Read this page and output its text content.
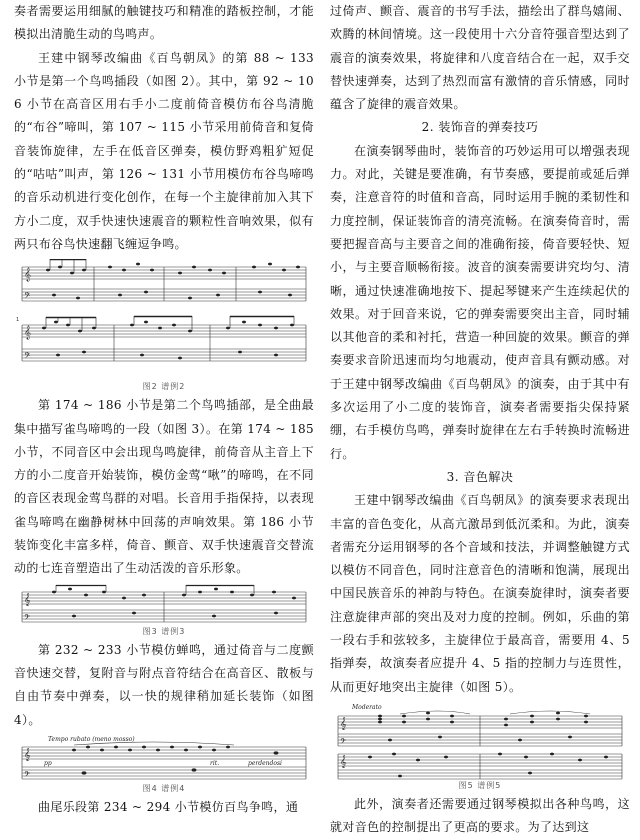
奏者需要运用细腻的触键技巧和精准的踏板控制，才能模拟出清脆生动的鸟鸣声。

王建中钢琴改编曲《百鸟朝凤》的第 88 ~ 133 小节是第一个鸟鸣插段（如图 2）。其中，第 92 ~ 106 小节在高音区用右手小二度前倚音模仿布谷鸟清脆的“布谷”啼叫，第 107 ~ 115 小节采用前倚音和复倚音装饰旋律，左手在低音区弹奏，模仿野鸡粗犷短促的“咕咕”叫声，第 126 ~ 131 小节用模仿布谷鸟啼鸣的音乐动机进行变化创作，在每一个主旋律前加入其下方小二度，双手快速快速震音的颗粒性音响效果，似有两只布谷鸟快速翻飞缠逗争鸣。

𝄞
𝄢
𝄞
𝄢
1
图2 谱例2

第 174 ~ 186 小节是第二个鸟鸣插部，是全曲最集中描写雀鸟啼鸣的一段（如图 3）。在第 174 ~ 185 小节，不同音区中会出现鸟鸣旋律，前倚音从主音上下方的小二度音开始装饰，模仿金莺“啾”的啼鸣，在不同的音区表现金莺鸟群的对唱。长音用手指保持，以表现雀鸟啼鸣在幽静树林中回荡的声响效果。第 186 小节装饰变化丰富多样，倚音、颤音、双手快速震音交替流动的七连音塑造出了生动活泼的音乐形象。

𝄞
𝄢
图3 谱例3

第 232 ~ 233 小节模仿蝉鸣，通过倚音与二度颤音快速交替，复附音与附点音符结合在高音区、散板与自由节奏中弹奏，以一快的规律稍加延长装饰（如图 4）。

Tempo rubato (meno mosso)
𝄞
𝄢
pp	rit.	perdendosi
图4 谱例4

曲尾乐段第 234 ~ 294 小节模仿百鸟争鸣，通

过倚声、颤音、震音的书写手法，描绘出了群鸟嬉闹、欢腾的林间情境。这一段使用十六分音符强音型达到了震音的演奏效果，将旋律和八度音结合在一起，双手交替快速弹奏，达到了热烈而富有激情的音乐情感，同时蕴含了旋律的震音效果。

2. 装饰音的弹奏技巧

在演奏钢琴曲时，装饰音的巧妙运用可以增强表现力。对此，关键是要准确，有节奏感，要提前或延后弹奏，注意音符的时值和音高，同时运用手腕的柔韧性和力度控制，保证装饰音的清亮流畅。在演奏倚音时，需要把握音高与主要音之间的准确衔接，倚音要轻快、短小，与主要音顺畅衔接。波音的演奏需要讲究均匀、清晰，通过快速准确地按下、提起琴键来产生连续起伏的效果。对于回音来说，它的弹奏需要突出主音，同时辅以其他音的柔和衬托，营造一种回旋的效果。颤音的弹奏要求音阶迅速而均匀地震动，使声音具有颤动感。对于王建中钢琴改编曲《百鸟朝凤》的演奏，由于其中有多次运用了小二度的装饰音，演奏者需要指尖保持紧绷，右手模仿鸟鸣，弹奏时旋律在左右手转换时流畅进行。

3. 音色解决

王建中钢琴改编曲《百鸟朝凤》的演奏要求表现出丰富的音色变化，从高亢激昂到低沉柔和。为此，演奏者需充分运用钢琴的各个音域和技法，并调整触键方式以模仿不同音色，同时注意音色的清晰和饱满，展现出中国民族音乐的神韵与特色。在演奏旋律时，演奏者要注意旋律声部的突出及对力度的控制。例如，乐曲的第一段右手和弦较多，主旋律位于最高音，需要用 4、5 指弹奏，故演奏者应提升 4、5 指的控制力与连贯性，从而更好地突出主旋律（如图 5）。

Moderato
𝄞
𝄢
𝄞
图5 谱例5

此外，演奏者还需要通过钢琴模拟出各种鸟鸣，这就对音色的控制提出了更高的要求。为了达到这
